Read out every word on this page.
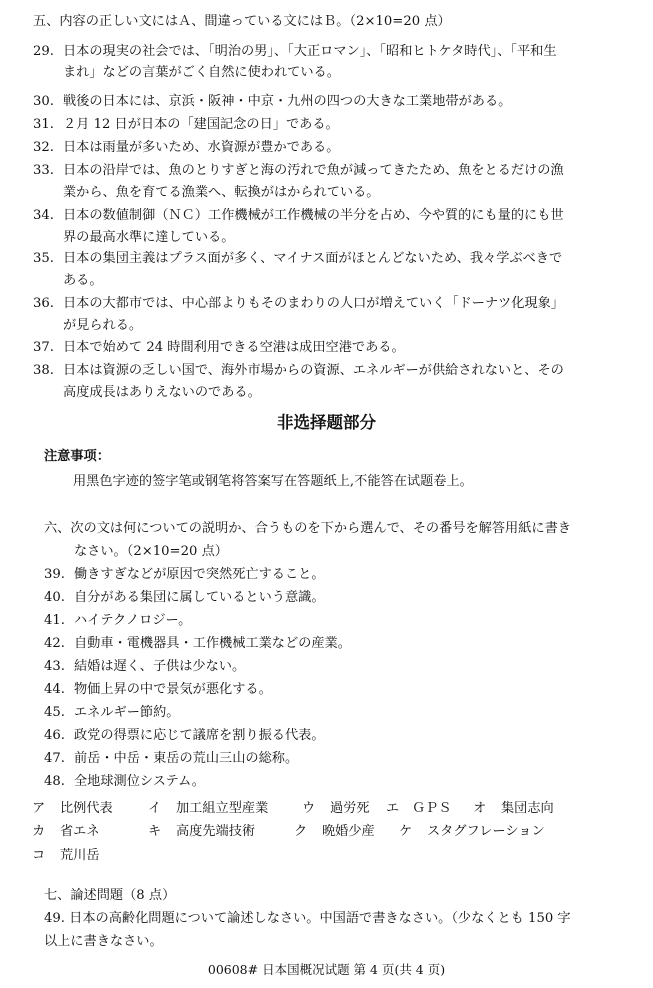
五、内容の正しい文にはＡ、間違っている文にはＢ。（2×10=20 点）
29. 日本の現実の社会では、「明治の男」、「大正ロマン」、「昭和ヒトケタ時代」、「平和生
まれ」などの言葉がごく自然に使われている。
30. 戦後の日本には、京浜・阪神・中京・九州の四つの大きな工業地帯がある。
31. ２月 12 日が日本の「建国記念の日」である。
32. 日本は雨量が多いため、水資源が豊かである。
33. 日本の沿岸では、魚のとりすぎと海の汚れで魚が減ってきたため、魚をとるだけの漁
業から、魚を育てる漁業へ、転換がはかられている。
34. 日本の数値制御（ＮＣ）工作機械が工作機械の半分を占め、今や質的にも量的にも世
界の最高水準に達している。
35. 日本の集団主義はプラス面が多く、マイナス面がほとんどないため、我々学ぶべきで
ある。
36. 日本の大都市では、中心部よりもそのまわりの人口が増えていく「ドーナツ化現象」
が見られる。
37. 日本で始めて 24 時間利用できる空港は成田空港である。
38. 日本は資源の乏しい国で、海外市場からの資源、エネルギーが供給されないと、その
高度成長はありえないのである。
非选择题部分
注意事项：
用黑色字迹的签字笔或钢笔将答案写在答题纸上,不能答在试题卷上。
六、次の文は何についての説明か、合うものを下から選んで、その番号を解答用紙に書き
なさい。（2×10=20 点）
39. 働きすぎなどが原因で突然死亡すること。
40. 自分がある集団に属しているという意識。
41. ハイテクノロジー。
42. 自動車・電機器具・工作機械工業などの産業。
43. 結婚は遅く、子供は少ない。
44. 物価上昇の中で景気が悪化する。
45. エネルギー節約。
46. 政党の得票に応じて議席を割り振る代表。
47. 前岳・中岳・東岳の荒山三山の総称。
48. 全地球測位システム。
ア 比例代表	イ 加工組立型産業	ウ 過労死 エ ＧＰＳ オ 集団志向
カ 省エネ	キ 高度先端技術	ク 晩婚少産 ケ スタグフレーション
コ 荒川岳
七、論述問題（8 点）
49. 日本の高齢化問題について論述しなさい。中国語で書きなさい。（少なくとも 150 字
以上に書きなさい。
00608# 日本国概况试题 第 4 页(共 4 页)
